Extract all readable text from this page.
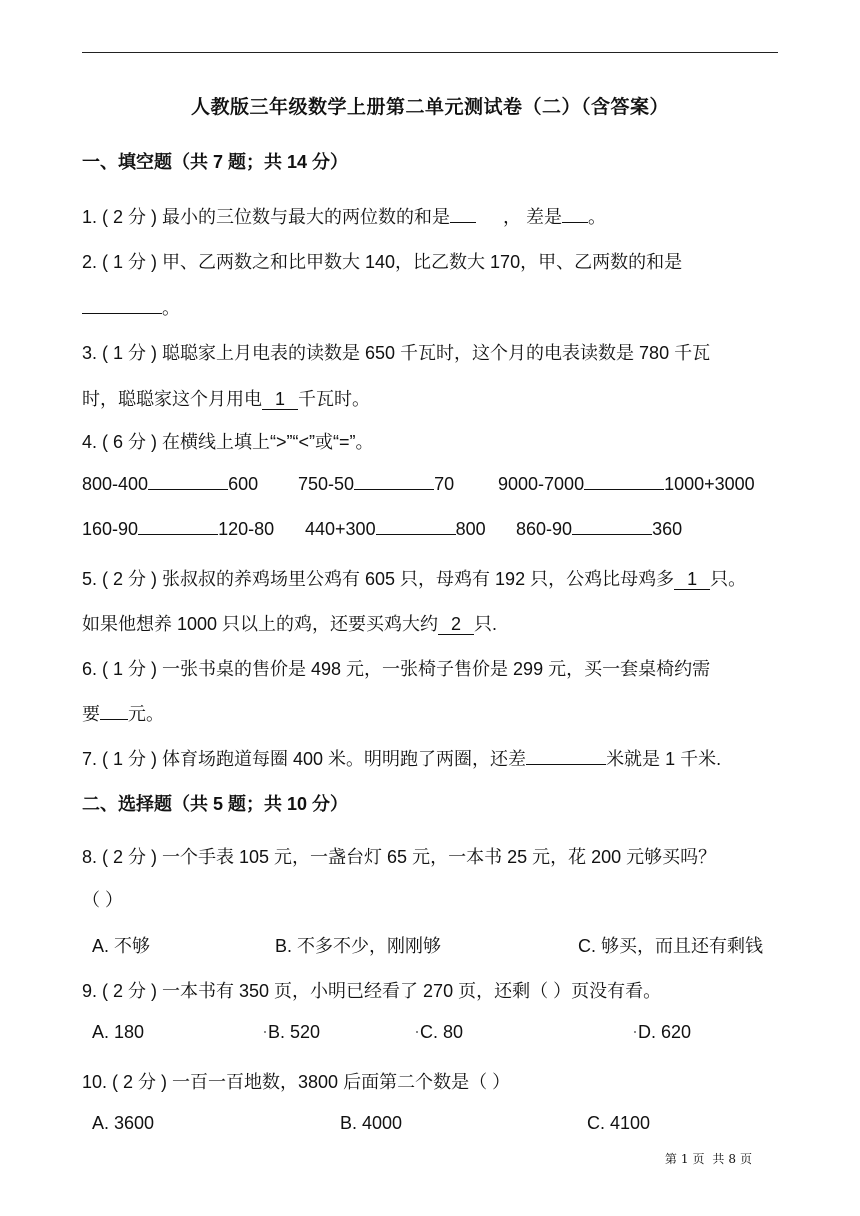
人教版三年级数学上册第二单元测试卷（二）（含答案）
一、填空题（共 7 题；共 14 分）
1. ( 2 分 ) 最小的三位数与最大的两位数的和是	， 差是 。
2. ( 1 分 ) 甲、乙两数之和比甲数大 140，比乙数大 170，甲、乙两数的和是
。
3. ( 1 分 ) 聪聪家上月电表的读数是 650 千瓦时，这个月的电表读数是 780 千瓦
时，聪聪家这个月用电 1 千瓦时。
4. ( 6 分 ) 在横线上填上“>”“<”或“=”。
800-400	600 750-50	70 9000-7000	1000+3000
160-90	120-80 440+300	800 860-90	360
5. ( 2 分 ) 张叔叔的养鸡场里公鸡有 605 只，母鸡有 192 只，公鸡比母鸡多 1 只。
如果他想养 1000 只以上的鸡，还要买鸡大约 2 只.
6. ( 1 分 ) 一张书桌的售价是 498 元，一张椅子售价是 299 元，买一套桌椅约需
要 元。
7. ( 1 分 ) 体育场跑道每圈 400 米。明明跑了两圈，还差	米就是 1 千米.
二、选择题（共 5 题；共 10 分）
8. ( 2 分 ) 一个手表 105 元，一盏台灯 65 元，一本书 25 元，花 200 元够买吗？
（ ）
A. 不够	B. 不多不少，刚刚够	C. 够买，而且还有剩钱
9. ( 2 分 ) 一本书有 350 页，小明已经看了 270 页，还剩（ ）页没有看。
A. 180	B. 520	C. 80	D. 620
10. ( 2 分 ) 一百一百地数，3800 后面第二个数是（ ）
A. 3600	B. 4000	C. 4100
第 1 页 共 8 页
